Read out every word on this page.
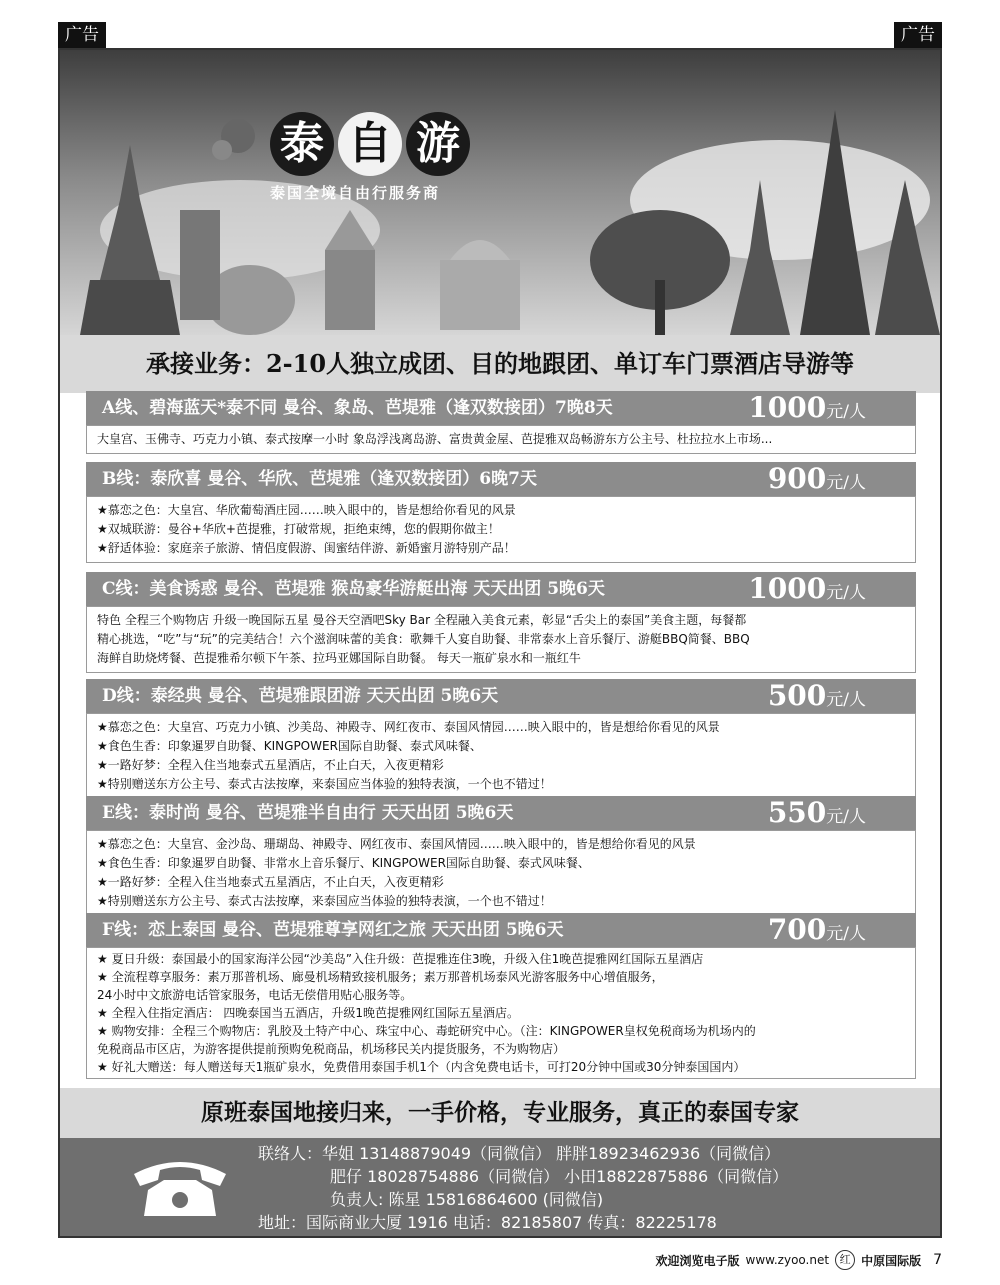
广告	广告
泰 自 游
泰国全境自由行服务商
承接业务：2-10人独立成团、目的地跟团、单订车门票酒店导游等
A线、碧海蓝天*泰不同 曼谷、象岛、芭堤雅（逢双数接团）7晚8天	1000元/人

大皇宫、玉佛寺、巧克力小镇、泰式按摩一小时 象岛浮浅离岛游、富贵黄金屋、芭提雅双岛畅游东方公主号、杜拉拉水上市场...

B线：泰欣喜 曼谷、华欣、芭堤雅（逢双数接团）6晚7天	900元/人

★慕恋之色：大皇宫、华欣葡萄酒庄园……映入眼中的，皆是想给你看见的风景

★双城联游：曼谷+华欣+芭提雅，打破常规，拒绝束缚，您的假期你做主！

★舒适体验：家庭亲子旅游、情侣度假游、闺蜜结伴游、新婚蜜月游特别产品！

C线：美食诱惑 曼谷、芭堤雅 猴岛豪华游艇出海 天天出团 5晚6天	1000元/人

特色 全程三个购物店 升级一晚国际五星 曼谷天空酒吧Sky Bar 全程融入美食元素，彰显“舌尖上的泰国”美食主题，每餐都

精心挑选，“吃”与“玩”的完美结合！六个滋润味蕾的美食：歌舞千人宴自助餐、非常泰水上音乐餐厅、游艇BBQ简餐、BBQ

海鲜自助烧烤餐、芭提雅希尔顿下午茶、拉玛亚娜国际自助餐。 每天一瓶矿泉水和一瓶红牛

D线：泰经典 曼谷、芭堤雅跟团游 天天出团 5晚6天	500元/人

★慕恋之色：大皇宫、巧克力小镇、沙美岛、神殿寺、网红夜市、泰国风情园……映入眼中的，皆是想给你看见的风景

★食色生香：印象暹罗自助餐、KINGPOWER国际自助餐、泰式风味餐、

★一路好梦：全程入住当地泰式五星酒店，不止白天，入夜更精彩

★特别赠送东方公主号、泰式古法按摩，来泰国应当体验的独特表演，一个也不错过！

E线：泰时尚 曼谷、芭堤雅半自由行 天天出团 5晚6天	550元/人

★慕恋之色：大皇宫、金沙岛、珊瑚岛、神殿寺、网红夜市、泰国风情园……映入眼中的，皆是想给你看见的风景

★食色生香：印象暹罗自助餐、非常水上音乐餐厅、KINGPOWER国际自助餐、泰式风味餐、

★一路好梦：全程入住当地泰式五星酒店，不止白天，入夜更精彩

★特别赠送东方公主号、泰式古法按摩，来泰国应当体验的独特表演，一个也不错过！

F线：恋上泰国 曼谷、芭堤雅尊享网红之旅 天天出团 5晚6天	700元/人

★ 夏日升级：泰国最小的国家海洋公园“沙美岛”入住升级：芭提雅连住3晚，升级入住1晚芭提雅网红国际五星酒店

★ 全流程尊享服务：素万那普机场、廊曼机场精致接机服务；素万那普机场泰风光游客服务中心增值服务，

24小时中文旅游电话管家服务，电话无偿借用贴心服务等。

★ 全程入住指定酒店： 四晚泰国当五酒店，升级1晚芭提雅网红国际五星酒店。

★ 购物安排：全程三个购物店：乳胶及土特产中心、珠宝中心、毒蛇研究中心。（注：KINGPOWER皇权免税商场为机场内的

免税商品市区店，为游客提供提前预购免税商品，机场移民关内提货服务，不为购物店）

★ 好礼大赠送：每人赠送每天1瓶矿泉水，免费借用泰国手机1个（内含免费电话卡，可打20分钟中国或30分钟泰国国内）

原班泰国地接归来，一手价格，专业服务，真正的泰国专家
联络人：华姐 13148879049（同微信） 胖胖18923462936（同微信）
肥仔 18028754886（同微信） 小田18822875886（同微信）
负责人: 陈星 15816864600 (同微信)
地址：国际商业大厦 1916 电话：82185807 传真：82225178
欢迎浏览电子版 www.zyoo.net 红 中原国际版 7
